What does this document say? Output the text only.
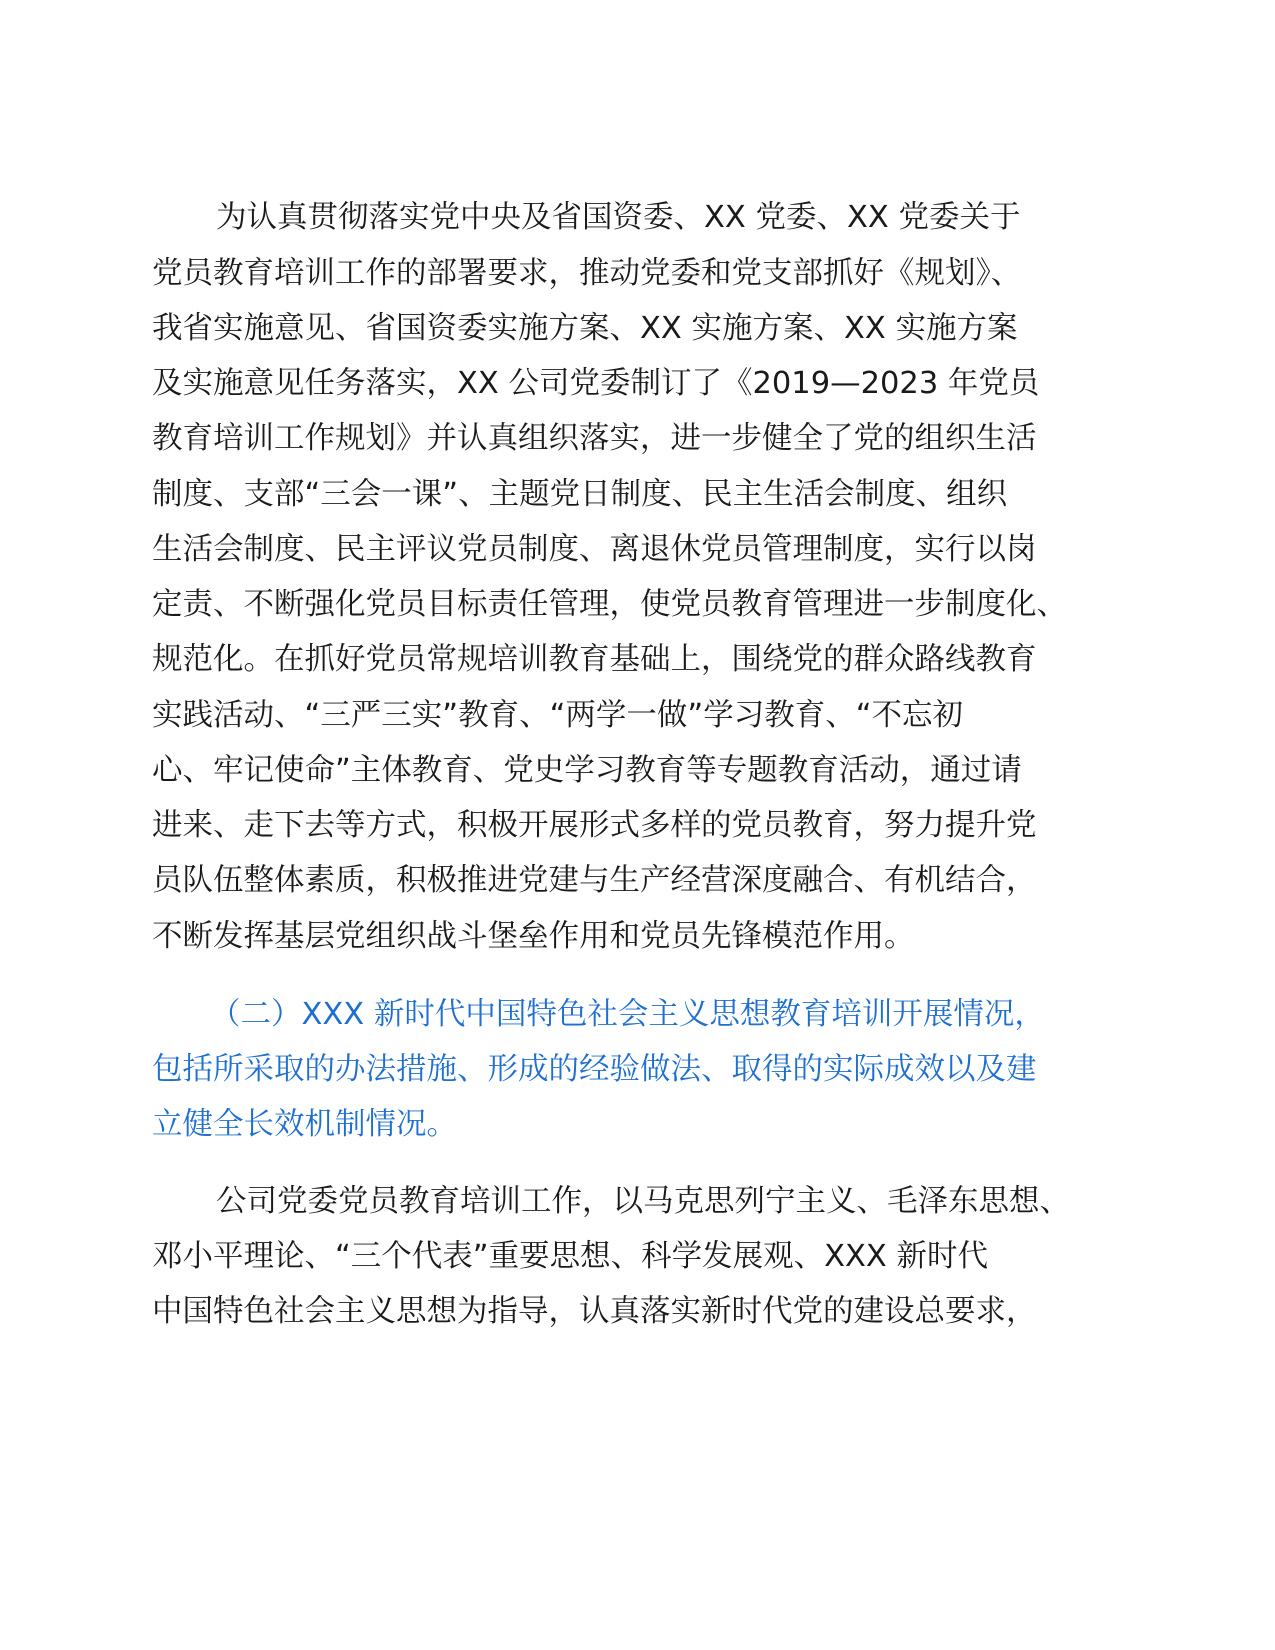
为认真贯彻落实党中央及省国资委、XX 党委、XX 党委关于
党员教育培训工作的部署要求，推动党委和党支部抓好《规划》、
我省实施意见、省国资委实施方案、XX 实施方案、XX 实施方案
及实施意见任务落实，XX 公司党委制订了《2019—2023 年党员
教育培训工作规划》并认真组织落实，进一步健全了党的组织生活
制度、支部“三会一课”、主题党日制度、民主生活会制度、组织
生活会制度、民主评议党员制度、离退休党员管理制度，实行以岗
定责、不断强化党员目标责任管理，使党员教育管理进一步制度化、
规范化。在抓好党员常规培训教育基础上，围绕党的群众路线教育
实践活动、“三严三实”教育、“两学一做”学习教育、“不忘初
心、牢记使命”主体教育、党史学习教育等专题教育活动，通过请
进来、走下去等方式，积极开展形式多样的党员教育，努力提升党
员队伍整体素质，积极推进党建与生产经营深度融合、有机结合，
不断发挥基层党组织战斗堡垒作用和党员先锋模范作用。
（二）XXX 新时代中国特色社会主义思想教育培训开展情况，
包括所采取的办法措施、形成的经验做法、取得的实际成效以及建
立健全长效机制情况。
公司党委党员教育培训工作，以马克思列宁主义、毛泽东思想、
邓小平理论、“三个代表”重要思想、科学发展观、XXX 新时代
中国特色社会主义思想为指导，认真落实新时代党的建设总要求，
